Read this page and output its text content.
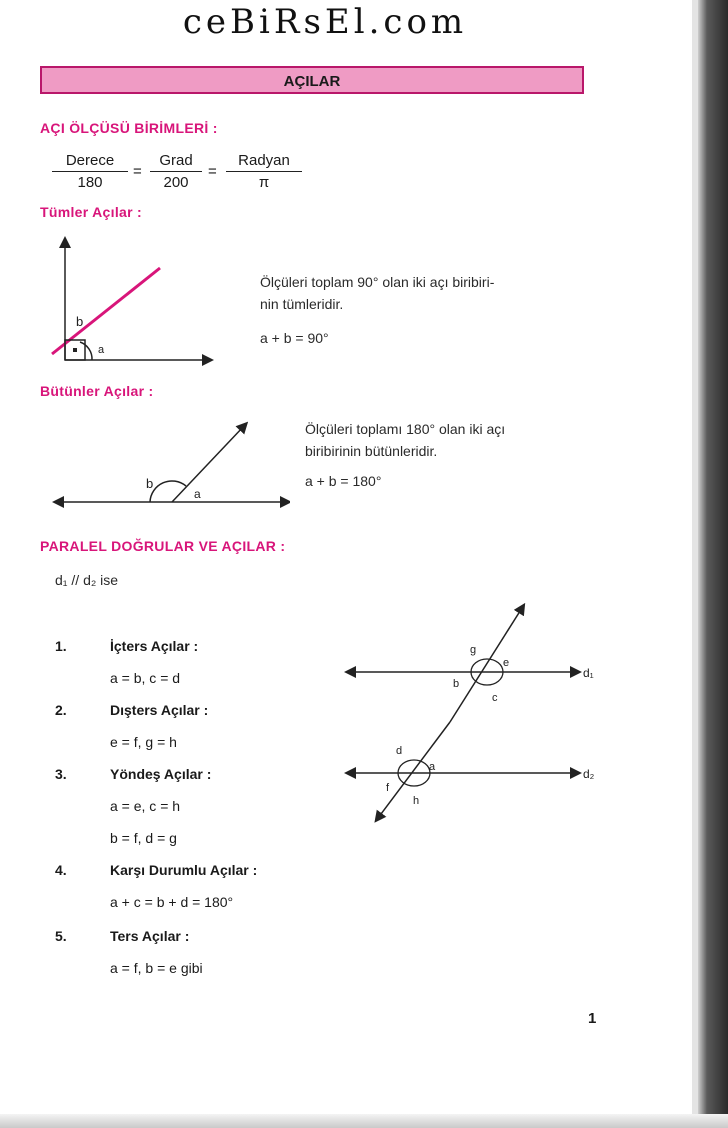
cеBiRsEl.com
AÇILAR
AÇI ÖLÇÜSÜ BİRİMLERİ :
Derece
180
=
Grad
200
=
Radyan
π
Tümler Açılar :
b
a
Ölçüleri toplam 90° olan iki açı biribiri-
nin tümleridir.
a + b = 90°
Bütünler Açılar :
b
a
Ölçüleri toplamı 180° olan iki açı
biribirinin bütünleridir.
a + b = 180°
PARALEL DOĞRULAR VE AÇILAR :
d₁ // d₂ ise
1.	İçters Açılar :
a = b, c = d
2.	Dışters Açılar :
e = f, g = h
3.	Yöndeş Açılar :
a = e, c = h
b = f, d = g
4.	Karşı Durumlu Açılar :
a + c = b + d = 180°
5.	Ters Açılar :
a = f, b = e gibi
d₁
d₂
g
e
b
c
d
a
f
h
1
